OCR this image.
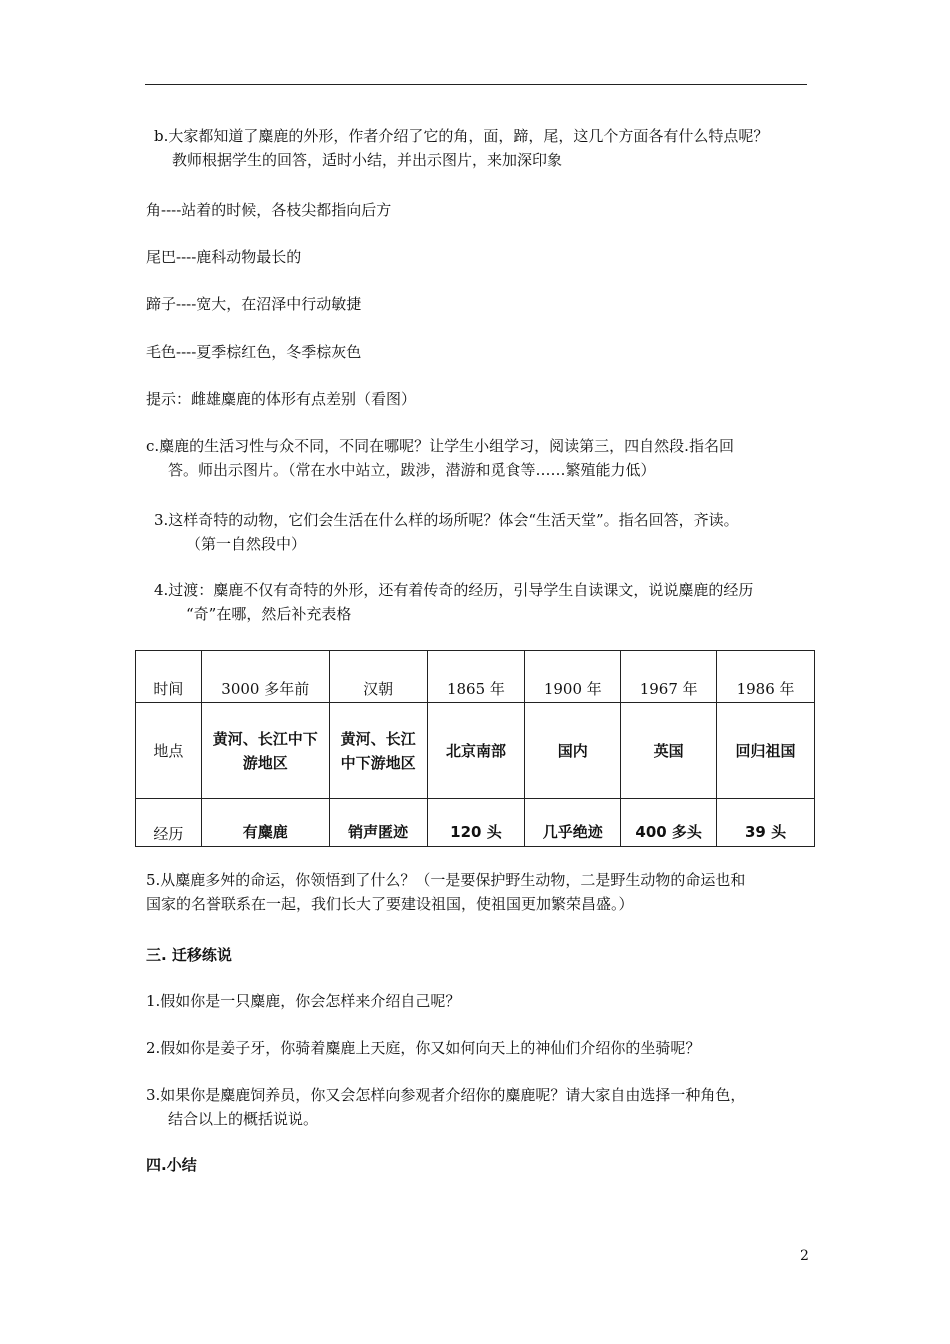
b.大家都知道了麋鹿的外形，作者介绍了它的角，面，蹄，尾，这几个方面各有什么特点呢？
教师根据学生的回答，适时小结，并出示图片，来加深印象
角----站着的时候，各枝尖都指向后方
尾巴----鹿科动物最长的
蹄子----宽大，在沼泽中行动敏捷
毛色----夏季棕红色，冬季棕灰色
提示：雌雄麋鹿的体形有点差别（看图）
c.麋鹿的生活习性与众不同，不同在哪呢？让学生小组学习，阅读第三，四自然段.指名回
答。师出示图片。（常在水中站立，跋涉，潜游和觅食等……繁殖能力低）
3.这样奇特的动物，它们会生活在什么样的场所呢？体会“生活天堂”。指名回答，齐读。
（第一自然段中）
4.过渡：麋鹿不仅有奇特的外形，还有着传奇的经历，引导学生自读课文，说说麋鹿的经历
“奇”在哪，然后补充表格
时间	3000 多年前	汉朝	1865 年	1900 年	1967 年	1986 年
地点	黄河、长江中下游地区	黄河、长江中下游地区	北京南部	国内	英国	回归祖国
经历	有麋鹿	销声匿迹	120 头	几乎绝迹	400 多头	39 头
5.从麋鹿多舛的命运，你领悟到了什么？（一是要保护野生动物，二是野生动物的命运也和
国家的名誉联系在一起，我们长大了要建设祖国，使祖国更加繁荣昌盛。）
三. 迁移练说
1.假如你是一只麋鹿，你会怎样来介绍自己呢？
2.假如你是姜子牙，你骑着麋鹿上天庭，你又如何向天上的神仙们介绍你的坐骑呢？
3.如果你是麋鹿饲养员，你又会怎样向参观者介绍你的麋鹿呢？请大家自由选择一种角色，
结合以上的概括说说。
四.小结
2
